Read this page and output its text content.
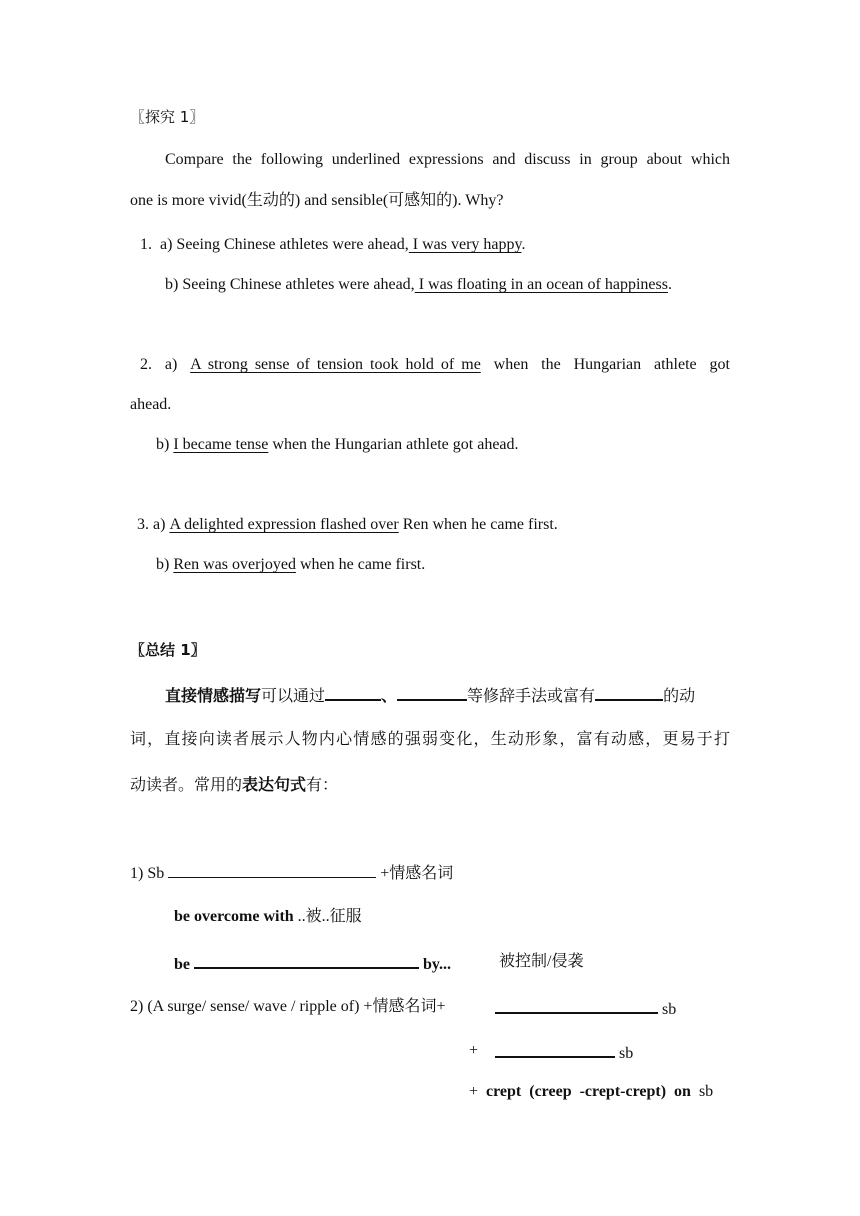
〖探究 1〗
Compare the following underlined expressions and discuss in group about which
one is more vivid(生动的) and sensible(可感知的). Why?
1. a) Seeing Chinese athletes were ahead, I was very happy.
b) Seeing Chinese athletes were ahead, I was floating in an ocean of happiness.
2. a) A strong sense of tension took hold of me when the Hungarian athlete got
ahead.
b) I became tense when the Hungarian athlete got ahead.
3. a) A delighted expression flashed over Ren when he came first.
b) Ren was overjoyed when he came first.
〖总结 1〗
直接情感描写可以通过	、	等修辞手法或富有	的动
词，直接向读者展示人物内心情感的强弱变化，生动形象，富有动感，更易于打
动读者。常用的表达句式有：
1) Sb	+情感名词
be overcome with ..被..征服
be	by...	被控制/侵袭
2) (A surge/ sense/ wave / ripple of) +情感名词+	sb
+	sb
+ crept  (creep  -crept-crept)  on sb
